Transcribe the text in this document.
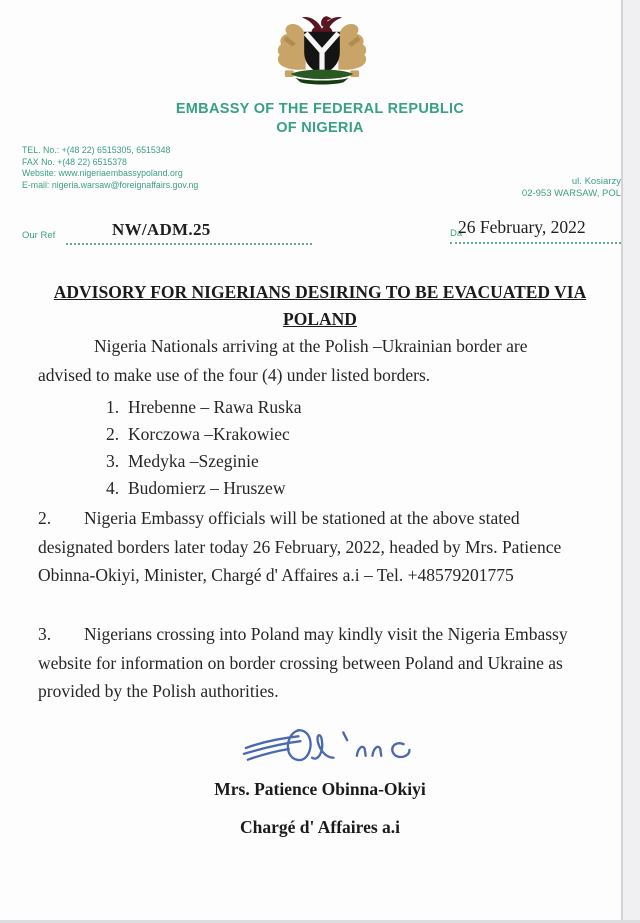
EMBASSY OF THE FEDERAL REPUBLIC
OF NIGERIA
TEL. No.: +(48 22) 6515305, 6515348
FAX No. +(48 22) 6515378
Website: www.nigeriaembassypoland.org
E-mail: nigeria.warsaw@foreignaffairs.gov.ng	ul. Kosiarzy
02-953 WARSAW, POL
Our Ref	NW/ADM.25	Da
26 February, 2022
ADVISORY FOR NIGERIANS DESIRING TO BE EVACUATED VIA
POLAND
Nigeria Nationals arriving at the Polish –Ukrainian border are advised to make use of the four (4) under listed borders.
1. Hrebenne – Rawa Ruska
2. Korczowa –Krakowiec
3. Medyka –Szeginie
4. Budomierz – Hruszew
2. Nigeria Embassy officials will be stationed at the above stated designated borders later today 26 February, 2022, headed by Mrs. Patience Obinna-Okiyi, Minister, Chargé d' Affaires a.i – Tel. +48579201775
3. Nigerians crossing into Poland may kindly visit the Nigeria Embassy website for information on border crossing between Poland and Ukraine as provided by the Polish authorities.
Mrs. Patience Obinna-Okiyi
Chargé d' Affaires a.i
